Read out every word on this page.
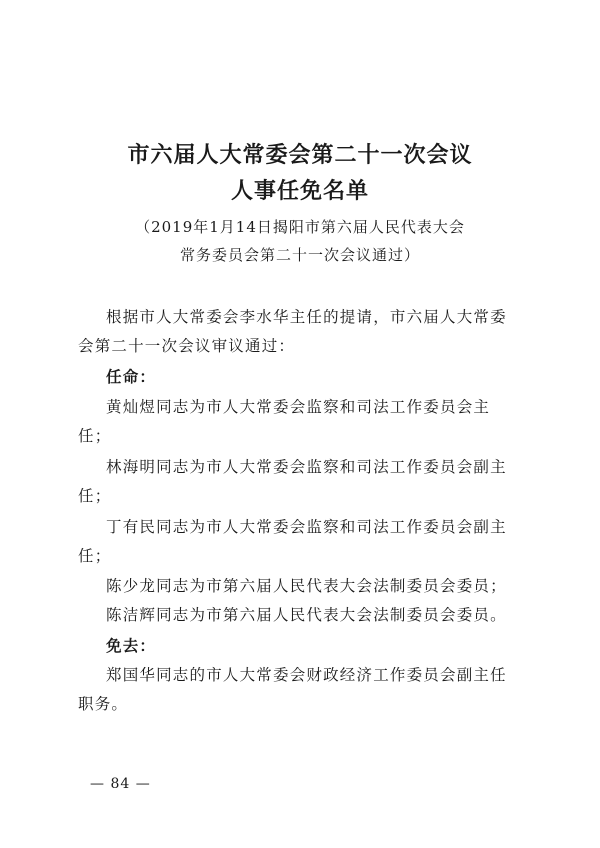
市六届人大常委会第二十一次会议
人事任免名单
（2019年1月14日揭阳市第六届人民代表大会
常务委员会第二十一次会议通过）
根据市人大常委会李水华主任的提请，市六届人大常委
会第二十一次会议审议通过：
任命：
黄灿煜同志为市人大常委会监察和司法工作委员会主
任；
林海明同志为市人大常委会监察和司法工作委员会副主
任；
丁有民同志为市人大常委会监察和司法工作委员会副主
任；
陈少龙同志为市第六届人民代表大会法制委员会委员；
陈洁辉同志为市第六届人民代表大会法制委员会委员。
免去：
郑国华同志的市人大常委会财政经济工作委员会副主任
职务。
— 84 —
